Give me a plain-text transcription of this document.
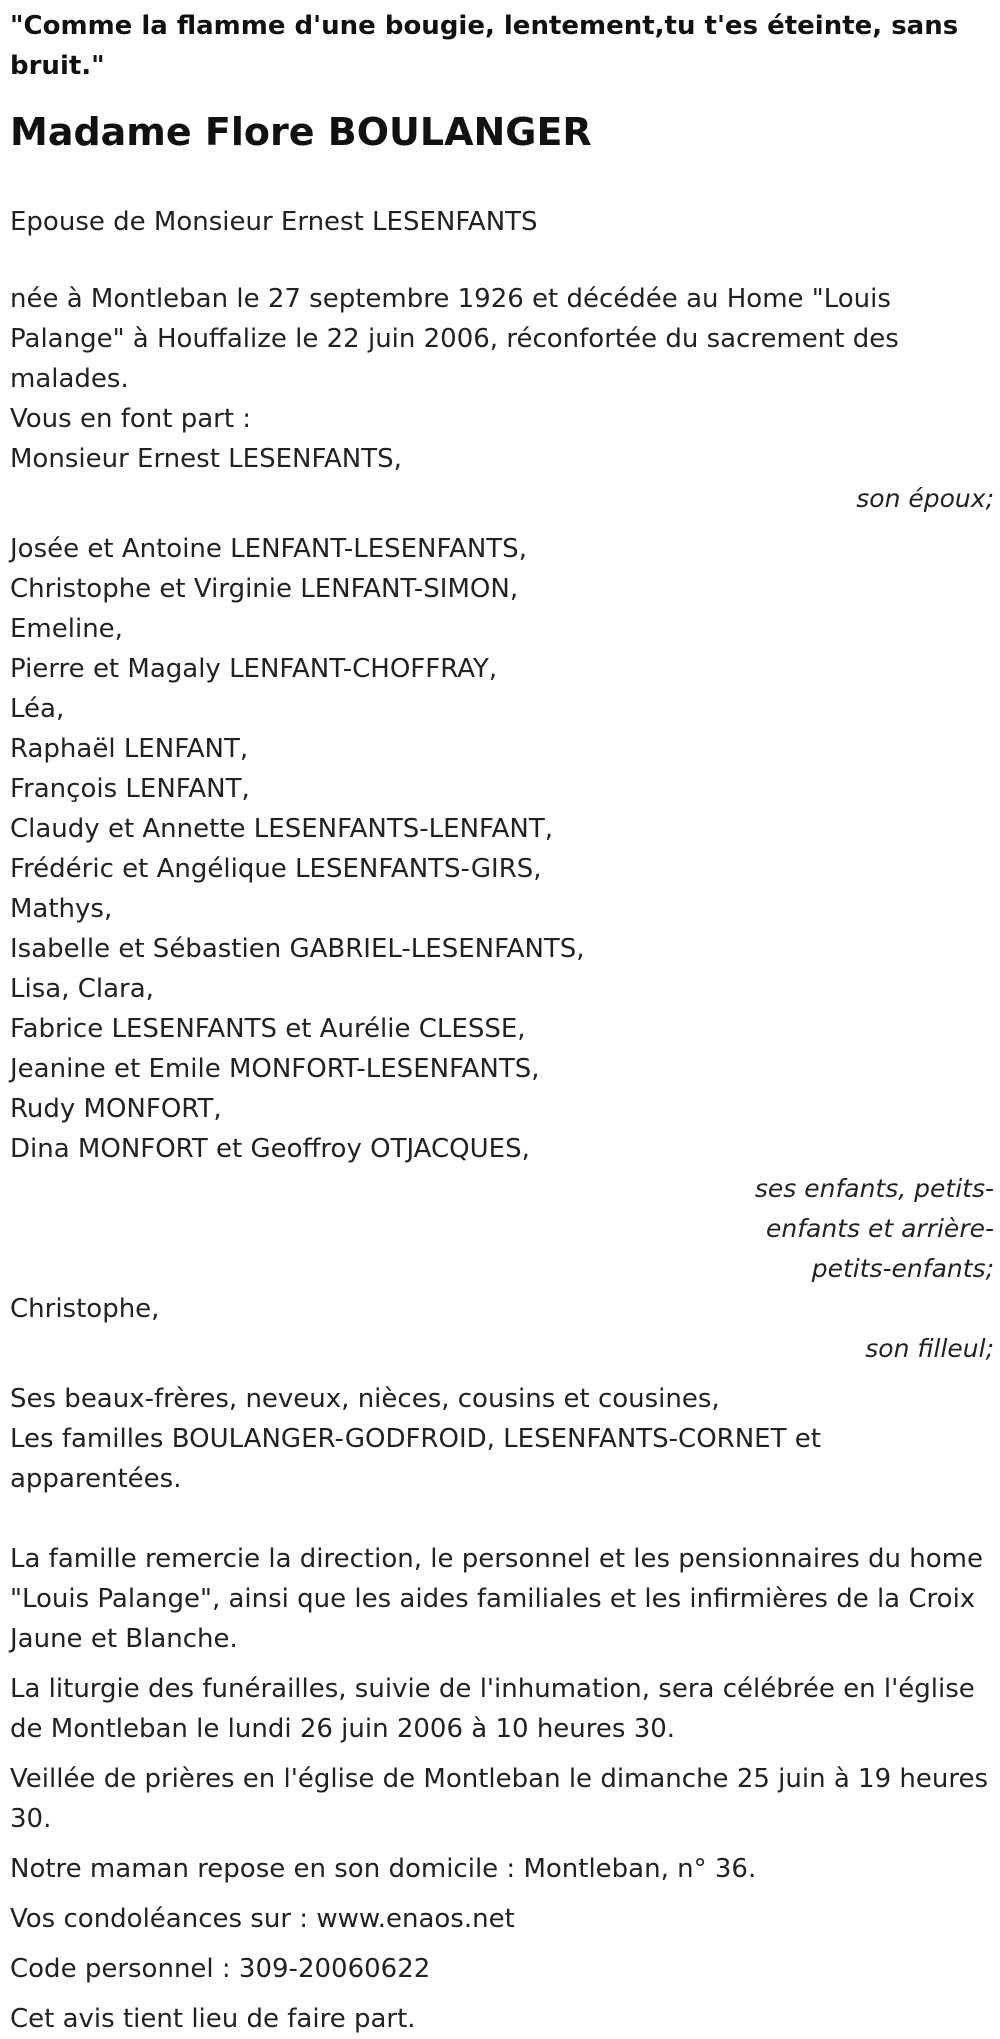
"Comme la flamme d'une bougie, lentement,tu t'es éteinte, sans bruit."

Madame Flore BOULANGER

Epouse de Monsieur Ernest LESENFANTS

née à Montleban le 27 septembre 1926 et décédée au Home "Louis Palange" à Houffalize le 22 juin 2006, réconfortée du sacrement des malades.

Vous en font part :
Monsieur Ernest LESENFANTS,
son époux;
Josée et Antoine LENFANT-LESENFANTS,
Christophe et Virginie LENFANT-SIMON,
Emeline,
Pierre et Magaly LENFANT-CHOFFRAY,
Léa,
Raphaël LENFANT,
François LENFANT,
Claudy et Annette LESENFANTS-LENFANT,
Frédéric et Angélique LESENFANTS-GIRS,
Mathys,
Isabelle et Sébastien GABRIEL-LESENFANTS,
Lisa, Clara,
Fabrice LESENFANTS et Aurélie CLESSE,
Jeanine et Emile MONFORT-LESENFANTS,
Rudy MONFORT,
Dina MONFORT et Geoffroy OTJACQUES,
ses enfants, petits-enfants et arrière-petits-enfants;
Christophe,
son filleul;
Ses beaux-frères, neveux, nièces, cousins et cousines,

Les familles BOULANGER-GODFROID, LESENFANTS-CORNET et apparentées.

La famille remercie la direction, le personnel et les pensionnaires du home "Louis Palange", ainsi que les aides familiales et les infirmières de la Croix Jaune et Blanche.

La liturgie des funérailles, suivie de l'inhumation, sera célébrée en l'église de Montleban le lundi 26 juin 2006 à 10 heures 30.

Veillée de prières en l'église de Montleban le dimanche 25 juin à 19 heures 30.

Notre maman repose en son domicile : Montleban, n° 36.

Vos condoléances sur : www.enaos.net

Code personnel : 309-20060622

Cet avis tient lieu de faire part.
